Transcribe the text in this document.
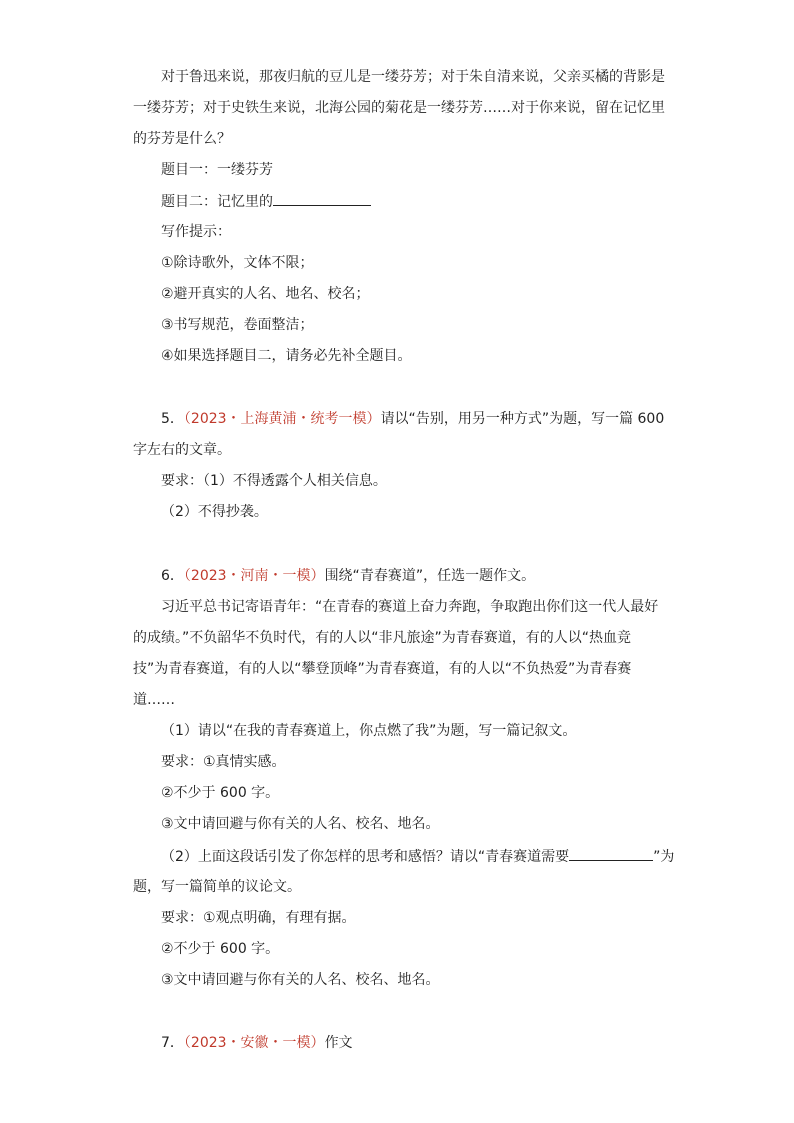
对于鲁迅来说，那夜归航的豆儿是一缕芬芳；对于朱自清来说，父亲买橘的背影是
一缕芬芳；对于史铁生来说，北海公园的菊花是一缕芬芳……对于你来说，留在记忆里
的芬芳是什么？
题目一：一缕芬芳
题目二：记忆里的
写作提示：
①除诗歌外，文体不限；
②避开真实的人名、地名、校名；
③书写规范，卷面整洁；
④如果选择题目二，请务必先补全题目。
5．（2023・上海黄浦・统考一模）请以“告别，用另一种方式”为题，写一篇 600
字左右的文章。
要求：（1）不得透露个人相关信息。
（2）不得抄袭。
6．（2023・河南・一模）围绕“青春赛道”，任选一题作文。
习近平总书记寄语青年：“在青春的赛道上奋力奔跑，争取跑出你们这一代人最好
的成绩。”不负韶华不负时代，有的人以“非凡旅途”为青春赛道，有的人以“热血竞
技”为青春赛道，有的人以“攀登顶峰”为青春赛道，有的人以“不负热爱”为青春赛
道……
（1）请以“在我的青春赛道上，你点燃了我”为题，写一篇记叙文。
要求：①真情实感。
②不少于 600 字。
③文中请回避与你有关的人名、校名、地名。
（2）上面这段话引发了你怎样的思考和感悟？请以“青春赛道需要	”为
题，写一篇简单的议论文。
要求：①观点明确，有理有据。
②不少于 600 字。
③文中请回避与你有关的人名、校名、地名。
7．（2023・安徽・一模）作文
